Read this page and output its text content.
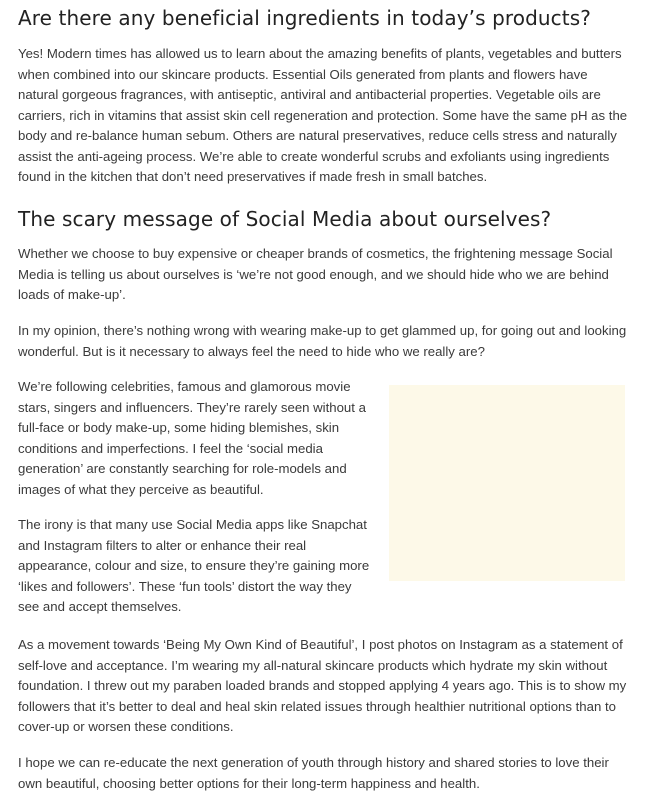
Are there any beneficial ingredients in today’s products?

Yes! Modern times has allowed us to learn about the amazing benefits of plants, vegetables and butters when combined into our skincare products. Essential Oils generated from plants and flowers have natural gorgeous fragrances, with antiseptic, antiviral and antibacterial properties. Vegetable oils are carriers, rich in vitamins that assist skin cell regeneration and protection. Some have the same pH as the body and re-balance human sebum. Others are natural preservatives, reduce cells stress and naturally assist the anti-ageing process. We’re able to create wonderful scrubs and exfoliants using ingredients found in the kitchen that don’t need preservatives if made fresh in small batches.

The scary message of Social Media about ourselves?

Whether we choose to buy expensive or cheaper brands of cosmetics, the frightening message Social Media is telling us about ourselves is ‘we’re not good enough, and we should hide who we are behind loads of make-up’.

In my opinion, there’s nothing wrong with wearing make-up to get glammed up, for going out and looking wonderful. But is it necessary to always feel the need to hide who we really are?

We’re following celebrities, famous and glamorous movie stars, singers and influencers. They’re rarely seen without a full-face or body make-up, some hiding blemishes, skin conditions and imperfections. I feel the ‘social media generation’ are constantly searching for role-models and images of what they perceive as beautiful.

The irony is that many use Social Media apps like Snapchat and Instagram filters to alter or enhance their real appearance, colour and size, to ensure they’re gaining more ‘likes and followers’. These ‘fun tools’ distort the way they see and accept themselves.

As a movement towards ‘Being My Own Kind of Beautiful’, I post photos on Instagram as a statement of self-love and acceptance. I’m wearing my all-natural skincare products which hydrate my skin without foundation. I threw out my paraben loaded brands and stopped applying 4 years ago. This is to show my followers that it’s better to deal and heal skin related issues through healthier nutritional options than to cover-up or worsen these conditions.

I hope we can re-educate the next generation of youth through history and shared stories to love their own beautiful, choosing better options for their long-term happiness and health.
